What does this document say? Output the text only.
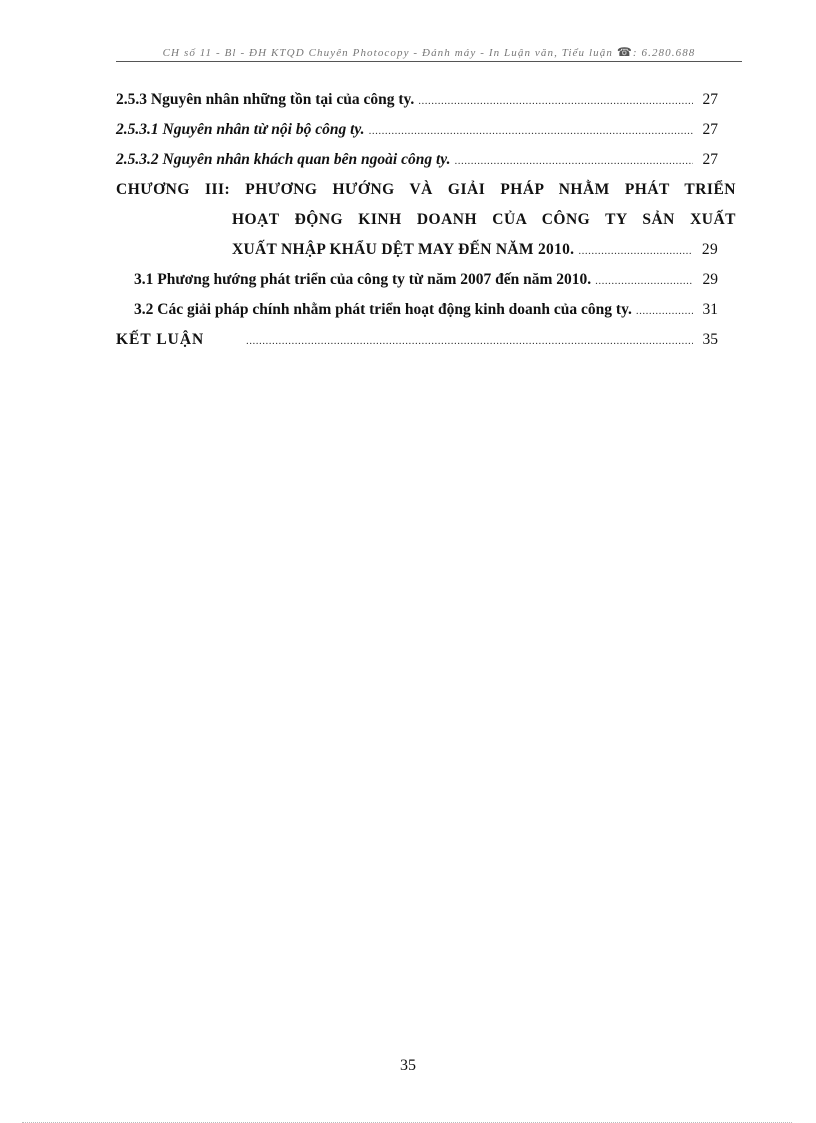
CH số 11 - Bl - ĐH KTQD Chuyên Photocopy - Đánh máy - In Luận văn, Tiểu luận ☎: 6.280.688
2.5.3 Nguyên nhân những tồn tại của công ty. .....	27
2.5.3.1 Nguyên nhân từ nội bộ công ty. .....	27
2.5.3.2 Nguyên nhân khách quan bên ngoài công ty. .....	27
CHƯƠNG III: PHƯƠNG HƯỚNG VÀ GIẢI PHÁP NHẰM PHÁT TRIỂN
HOẠT ĐỘNG KINH DOANH CỦA CÔNG TY SẢN XUẤT
XUẤT NHẬP KHẨU DỆT MAY ĐẾN NĂM 2010. .....	29
3.1 Phương hướng phát triển của công ty từ năm 2007 đến năm 2010. .....	29
3.2 Các giải pháp chính nhằm phát triển hoạt động kinh doanh của công ty. .....	31
KẾT LUẬN .....	35
35
